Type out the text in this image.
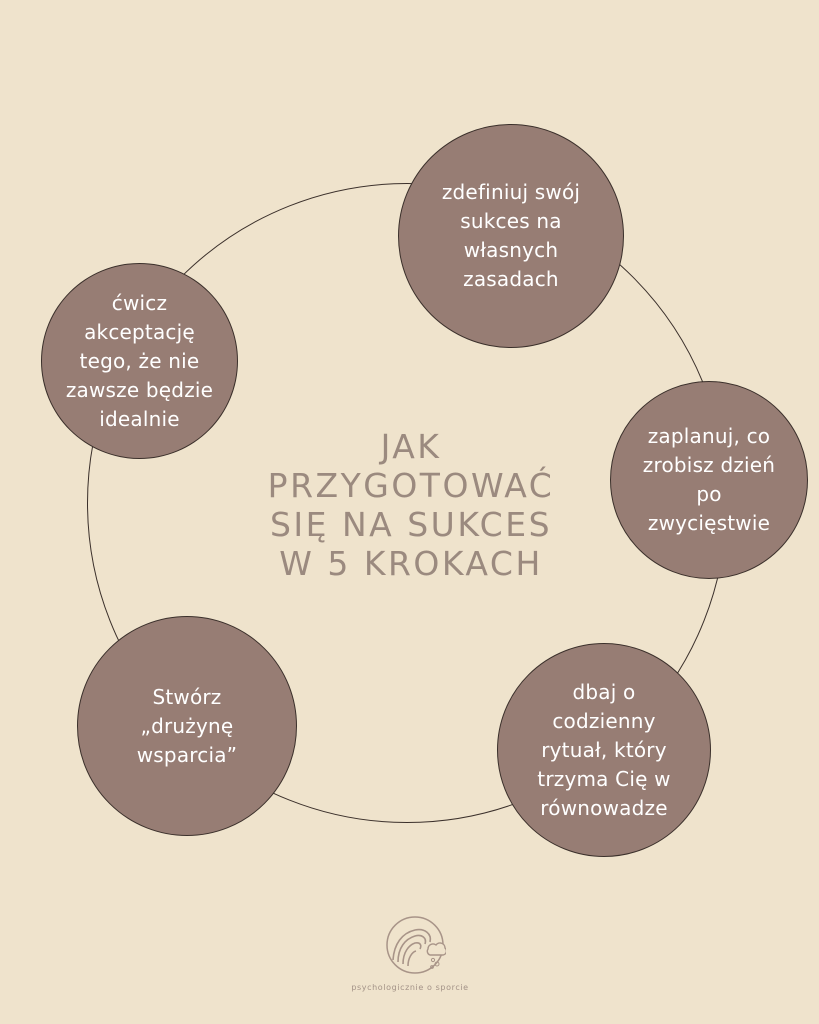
zdefiniuj swój
sukces na
własnych
zasadach
zaplanuj, co
zrobisz dzień
po
zwycięstwie
dbaj o
codzienny
rytuał, który
trzyma Cię w
równowadze
Stwórz
„drużynę
wsparcia”
ćwicz
akceptację
tego, że nie
zawsze będzie
idealnie
JAK
PRZYGOTOWAĆ
SIĘ NA SUKCES
W 5 KROKACH
psychologicznie o sporcie
